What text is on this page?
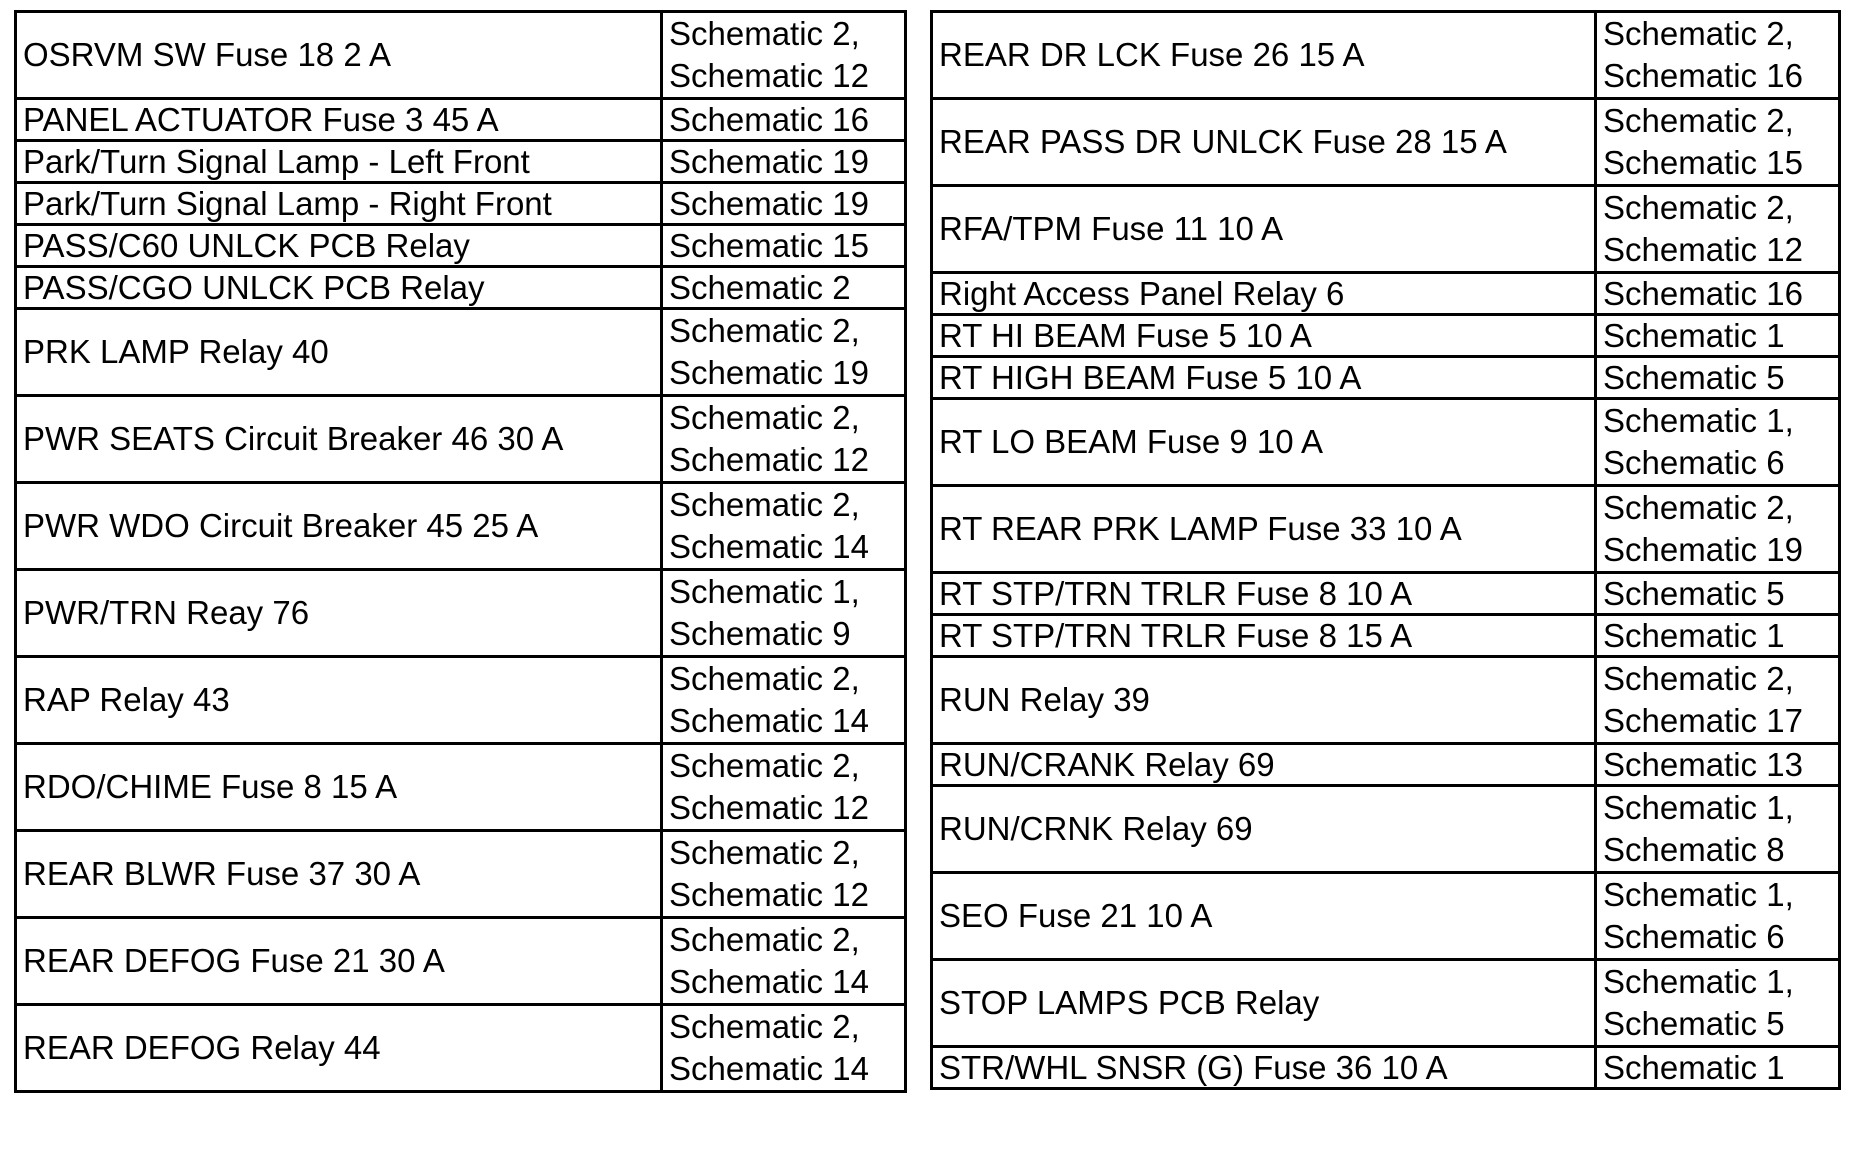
OSRVM SW Fuse 18 2 A	Schematic 2,
Schematic 12

PANEL ACTUATOR Fuse 3 45 A	Schematic 16

Park/Turn Signal Lamp - Left Front	Schematic 19

Park/Turn Signal Lamp - Right Front	Schematic 19

PASS/C60 UNLCK PCB Relay	Schematic 15

PASS/CGO UNLCK PCB Relay	Schematic 2

PRK LAMP Relay 40	Schematic 2,
Schematic 19

PWR SEATS Circuit Breaker 46 30 A	Schematic 2,
Schematic 12

PWR WDO Circuit Breaker 45 25 A	Schematic 2,
Schematic 14

PWR/TRN Reay 76	Schematic 1,
Schematic 9

RAP Relay 43	Schematic 2,
Schematic 14

RDO/CHIME Fuse 8 15 A	Schematic 2,
Schematic 12

REAR BLWR Fuse 37 30 A	Schematic 2,
Schematic 12

REAR DEFOG Fuse 21 30 A	Schematic 2,
Schematic 14

REAR DEFOG Relay 44	Schematic 2,
Schematic 14
REAR DR LCK Fuse 26 15 A	Schematic 2,
Schematic 16

REAR PASS DR UNLCK Fuse 28 15 A	Schematic 2,
Schematic 15

RFA/TPM Fuse 11 10 A	Schematic 2,
Schematic 12

Right Access Panel Relay 6	Schematic 16

RT HI BEAM Fuse 5 10 A	Schematic 1

RT HIGH BEAM Fuse 5 10 A	Schematic 5

RT LO BEAM Fuse 9 10 A	Schematic 1,
Schematic 6

RT REAR PRK LAMP Fuse 33 10 A	Schematic 2,
Schematic 19

RT STP/TRN TRLR Fuse 8 10 A	Schematic 5

RT STP/TRN TRLR Fuse 8 15 A	Schematic 1

RUN Relay 39	Schematic 2,
Schematic 17

RUN/CRANK Relay 69	Schematic 13

RUN/CRNK Relay 69	Schematic 1,
Schematic 8

SEO Fuse 21 10 A	Schematic 1,
Schematic 6

STOP LAMPS PCB Relay	Schematic 1,
Schematic 5

STR/WHL SNSR (G) Fuse 36 10 A	Schematic 1
